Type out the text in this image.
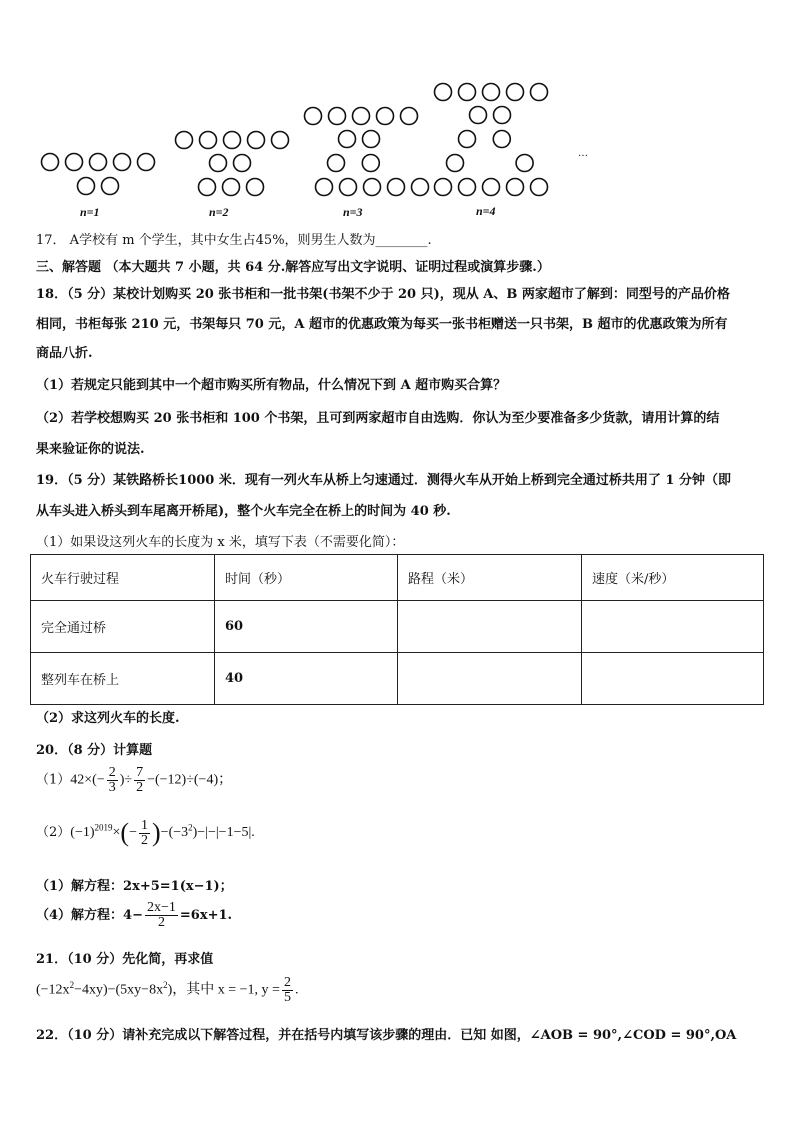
n=1	n=2	n=3	n=4
…
17． A学校有 m 个学生，其中女生占45%，则男生人数为________.
三、解答题 （本大题共 7 小题，共 64 分.解答应写出文字说明、证明过程或演算步骤.）
18．（5 分）某校计划购买 20 张书柜和一批书架(书架不少于 20 只)，现从 A、B 两家超市了解到：同型号的产品价格
相同，书柜每张 210 元，书架每只 70 元，A 超市的优惠政策为每买一张书柜赠送一只书架，B 超市的优惠政策为所有
商品八折.
（1）若规定只能到其中一个超市购买所有物品，什么情况下到 A 超市购买合算？
（2）若学校想购买 20 张书柜和 100 个书架，且可到两家超市自由选购．你认为至少要准备多少货款，请用计算的结
果来验证你的说法.
19．（5 分）某铁路桥长1000 米．现有一列火车从桥上匀速通过．测得火车从开始上桥到完全通过桥共用了 1 分钟（即
从车头进入桥头到车尾离开桥尾)，整个火车完全在桥上的时间为 40 秒.
（1）如果设这列火车的长度为 x 米，填写下表（不需要化简）：
火车行驶过程	时间（秒）	路程（米）	速度（米/秒）
完全通过桥	60		
整列车在桥上	40		
（2）求这列火车的长度.
20．（8 分）计算题
$(1)42\times(- \frac{2}{3}$ )÷ $\frac{7}{2} -(-12)\div(-4)$；
$(2)(-1)^{2019}\times(- \frac{1}{2} )-(-3^2)-|-|-1-5|$.
（1）解方程：2x+5=1(x−1)；
（4）解方程：$4- \frac{2x-1}{2} =6x+1$.
21．（10 分）先化简，再求值
$(-12x^2-4xy)-(5xy-8x^2)$，其中 x = −1, $y = \frac{2}{5}$ .
22．（10 分）请补充完成以下解答过程，并在括号内填写该步骤的理由．已知 如图，∠AOB = 90°,∠COD = 90°,OA
